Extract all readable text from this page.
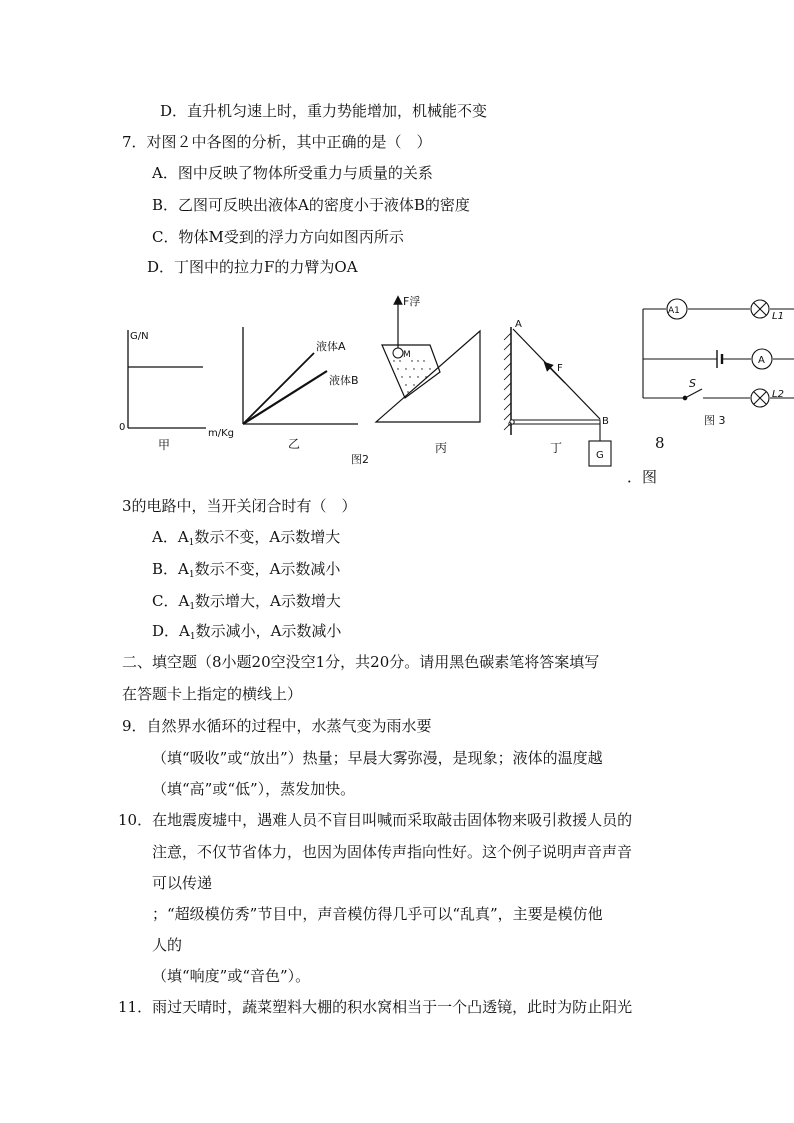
D．直升机匀速上时，重力势能增加，机械能不变
7．对图２中各图的分析，其中正确的是（　）
A．图中反映了物体所受重力与质量的关系
B．乙图可反映出液体A的密度小于液体B的密度
C．物体M受到的浮力方向如图丙所示
D．丁图中的拉力F的力臂为OA
G/N
0
甲
m/Kg
液体A
液体B
乙
F浮
M
丙
A
B
O
F
G
丁
图2
A1
A
L1
L2
S
图 3
8
．图
3的电路中，当开关闭合时有（　）
A．$A_1$数示不变，A示数增大
B．$A_1$数示不变，A示数减小
C．$A_1$数示增大，A示数增大
D．$A_1$数示减小，A示数减小
二、填空题（8小题20空没空1分，共20分。请用黑色碳素笔将答案填写
在答题卡上指定的横线上）
9．自然界水循环的过程中，水蒸气变为雨水要
（填“吸收”或“放出”）热量；早晨大雾弥漫，是现象；液体的温度越
（填“高”或“低”），蒸发加快。
10．在地震废墟中，遇难人员不盲目叫喊而采取敲击固体物来吸引救援人员的
注意，不仅节省体力，也因为固体传声指向性好。这个例子说明声音声音
可以传递
；“超级模仿秀”节目中，声音模仿得几乎可以“乱真”，主要是模仿他
人的
（填“响度”或“音色”）。
11．雨过天晴时，蔬菜塑料大棚的积水窝相当于一个凸透镜，此时为防止阳光
